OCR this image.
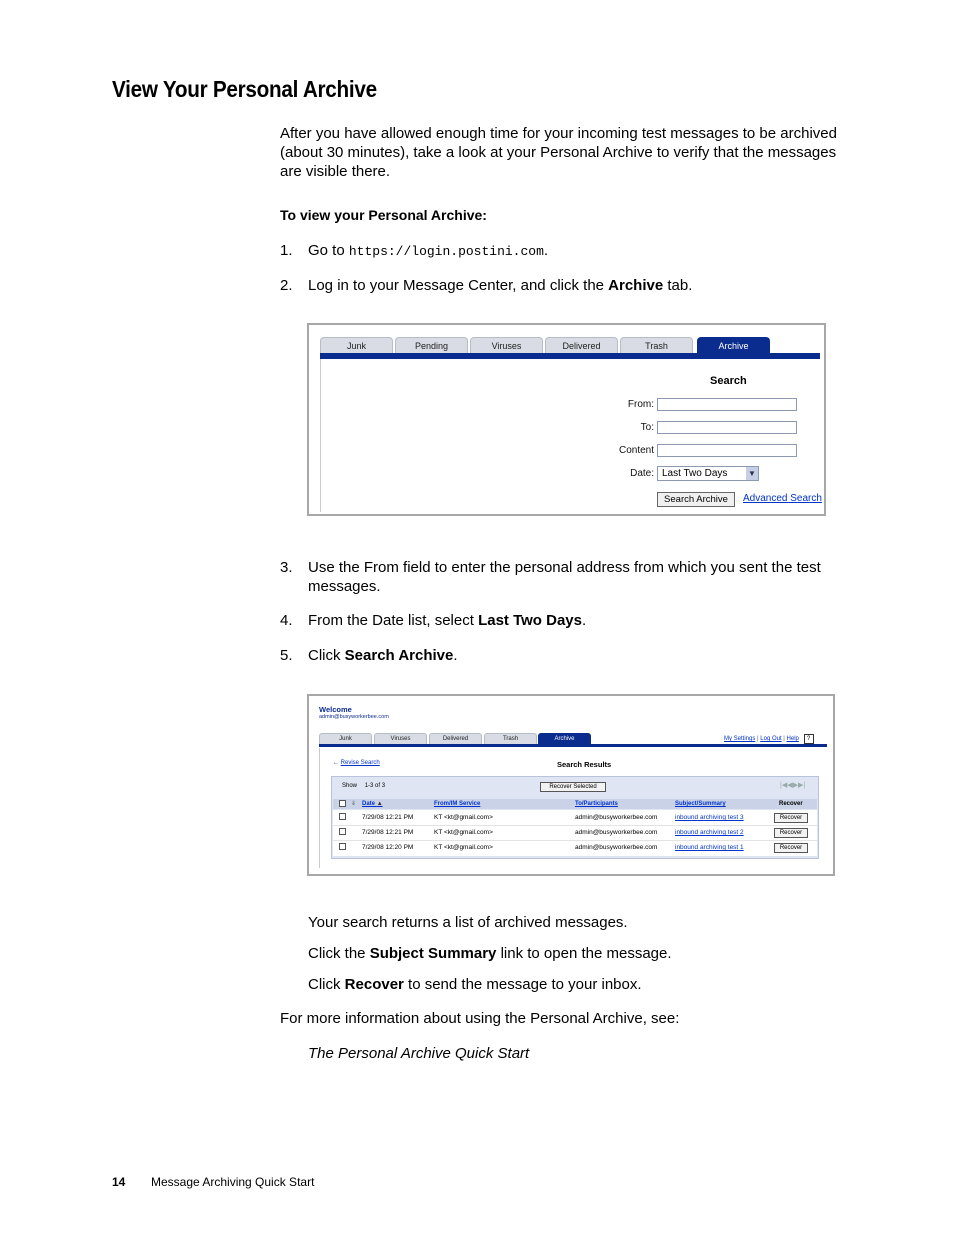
View Your Personal Archive
After you have allowed enough time for your incoming test messages to be archived (about 30 minutes), take a look at your Personal Archive to verify that the messages are visible there.
To view your Personal Archive:
1. Go to https://login.postini.com.
2. Log in to your Message Center, and click the Archive tab.
Junk	Pending	Viruses	Delivered	Trash	Archive
Search
From:
To:
Content
Date: Last Two Days	▼
Search Archive	Advanced Search
3. Use the From field to enter the personal address from which you sent the test
messages.
4. From the Date list, select Last Two Days.
5. Click Search Archive.
Welcome
admin@busyworkerbee.com
Junk	Viruses	Delivered	Trash	Archive	My Settings | Log Out | Help ?
← Revise Search	Search Results
Show 1-3 of 3	Recover Selected	|◀◀▶▶|
⇓ Date ▲	From/IM Service	To/Participants	Subject/Summary	Recover
7/29/08 12:21 PM	KT <kt@gmail.com>	admin@busyworkerbee.com	inbound archiving test 3	Recover
7/29/08 12:21 PM	KT <kt@gmail.com>	admin@busyworkerbee.com	inbound archiving test 2	Recover
7/29/08 12:20 PM	KT <kt@gmail.com>	admin@busyworkerbee.com	inbound archiving test 1	Recover
Your search returns a list of archived messages.
Click the Subject Summary link to open the message.
Click Recover to send the message to your inbox.
For more information about using the Personal Archive, see:
The Personal Archive Quick Start
14 Message Archiving Quick Start
